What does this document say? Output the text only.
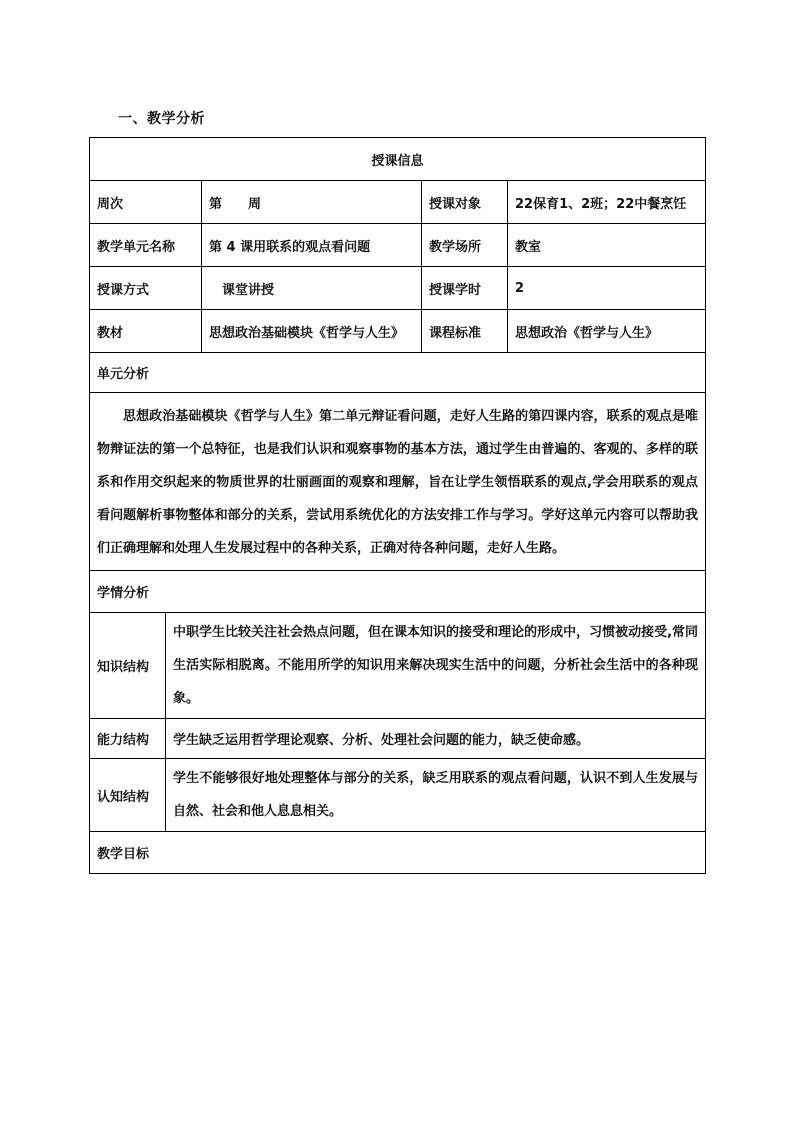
一、教学分析
授课信息				
周次		第　　周	授课对象	22保育1、2班；22中餐烹饪
教学单元名称		第 4 课用联系的观点看问题	教学场所	教室
授课方式		课堂讲授	授课学时	2
教材		思想政治基础模块《哲学与人生》	课程标准	思想政治《哲学与人生》
单元分析				
思想政治基础模块《哲学与人生》第二单元辩证看问题，走好人生路的第四课内容，联系的观点是唯物辩证法的第一个总特征，也是我们认识和观察事物的基本方法，通过学生由普遍的、客观的、多样的联系和作用交织起来的物质世界的壮丽画面的观察和理解，旨在让学生领悟联系的观点,学会用联系的观点看问题解析事物整体和部分的关系，尝试用系统优化的方法安排工作与学习。学好这单元内容可以帮助我们正确理解和处理人生发展过程中的各种关系，正确对待各种问题，走好人生路。				
学情分析				
知识结构	中职学生比较关注社会热点问题，但在课本知识的接受和理论的形成中，习惯被动接受,常同生活实际相脱离。不能用所学的知识用来解决现实生活中的问题，分析社会生活中的各种现象。			
能力结构	学生缺乏运用哲学理论观察、分析、处理社会问题的能力，缺乏使命感。			
认知结构	学生不能够很好地处理整体与部分的关系，缺乏用联系的观点看问题，认识不到人生发展与自然、社会和他人息息相关。			
教学目标				
